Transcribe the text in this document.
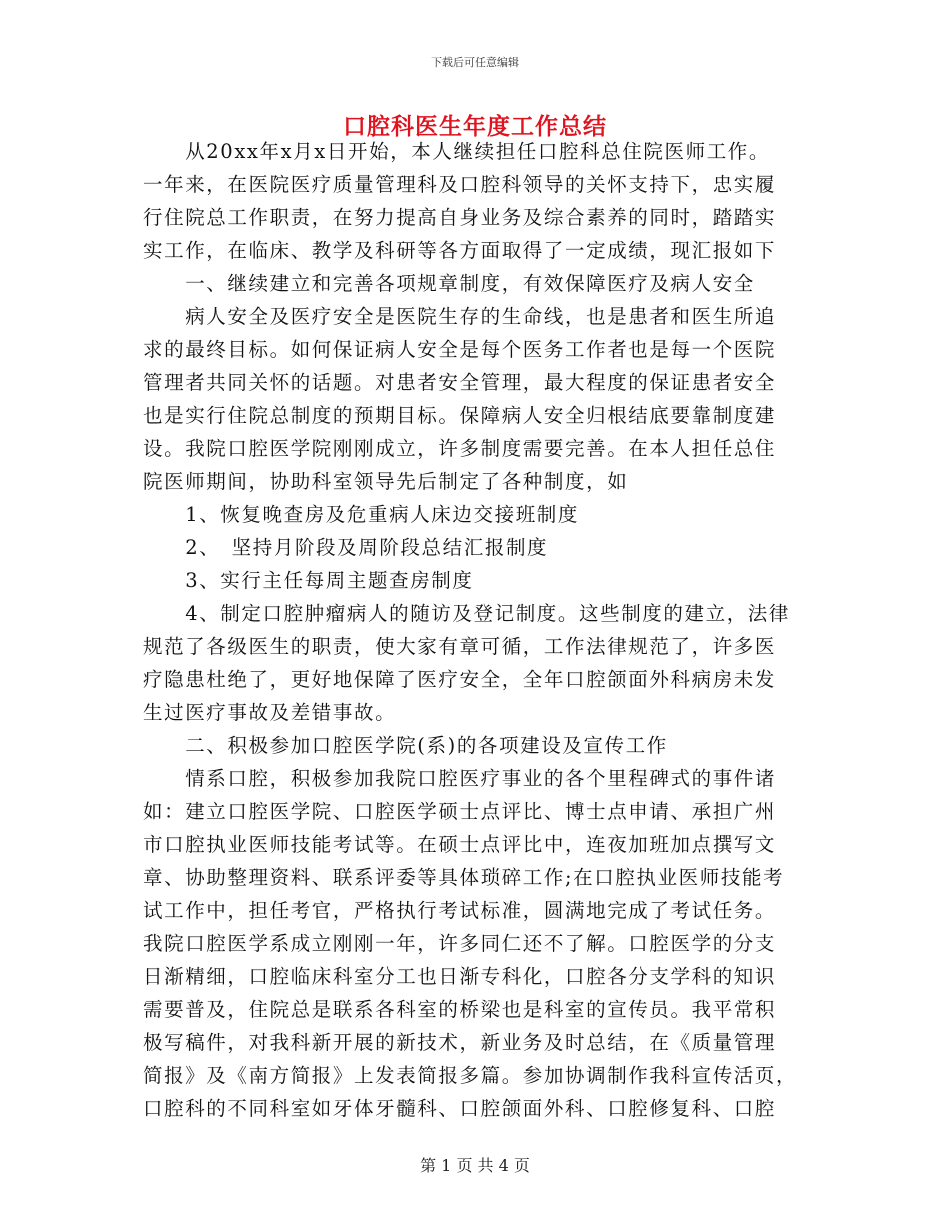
下载后可任意编辑
口腔科医生年度工作总结
　　从20xx年x月x日开始，本人继续担任口腔科总住院医师工作。
一年来，在医院医疗质量管理科及口腔科领导的关怀支持下，忠实履
行住院总工作职责，在努力提高自身业务及综合素养的同时，踏踏实
实工作，在临床、教学及科研等各方面取得了一定成绩，现汇报如下
　　一、继续建立和完善各项规章制度，有效保障医疗及病人安全
　　病人安全及医疗安全是医院生存的生命线，也是患者和医生所追
求的最终目标。如何保证病人安全是每个医务工作者也是每一个医院
管理者共同关怀的话题。对患者安全管理，最大程度的保证患者安全
也是实行住院总制度的预期目标。保障病人安全归根结底要靠制度建
设。我院口腔医学院刚刚成立，许多制度需要完善。在本人担任总住
院医师期间，协助科室领导先后制定了各种制度，如
　　1、恢复晚查房及危重病人床边交接班制度
　　2、　坚持月阶段及周阶段总结汇报制度
　　3、实行主任每周主题查房制度
　　4、制定口腔肿瘤病人的随访及登记制度。这些制度的建立，法律
规范了各级医生的职责，使大家有章可循，工作法律规范了，许多医
疗隐患杜绝了，更好地保障了医疗安全，全年口腔颌面外科病房未发
生过医疗事故及差错事故。
　　二、积极参加口腔医学院(系)的各项建设及宣传工作
　　情系口腔，积极参加我院口腔医疗事业的各个里程碑式的事件诸
如：建立口腔医学院、口腔医学硕士点评比、博士点申请、承担广州
市口腔执业医师技能考试等。在硕士点评比中，连夜加班加点撰写文
章、协助整理资料、联系评委等具体琐碎工作;在口腔执业医师技能考
试工作中，担任考官，严格执行考试标准，圆满地完成了考试任务。
我院口腔医学系成立刚刚一年，许多同仁还不了解。口腔医学的分支
日渐精细，口腔临床科室分工也日渐专科化，口腔各分支学科的知识
需要普及，住院总是联系各科室的桥梁也是科室的宣传员。我平常积
极写稿件，对我科新开展的新技术，新业务及时总结，在《质量管理
简报》及《南方简报》上发表简报多篇。参加协调制作我科宣传活页，
口腔科的不同科室如牙体牙髓科、口腔颌面外科、口腔修复科、口腔
第 1 页 共 4 页
